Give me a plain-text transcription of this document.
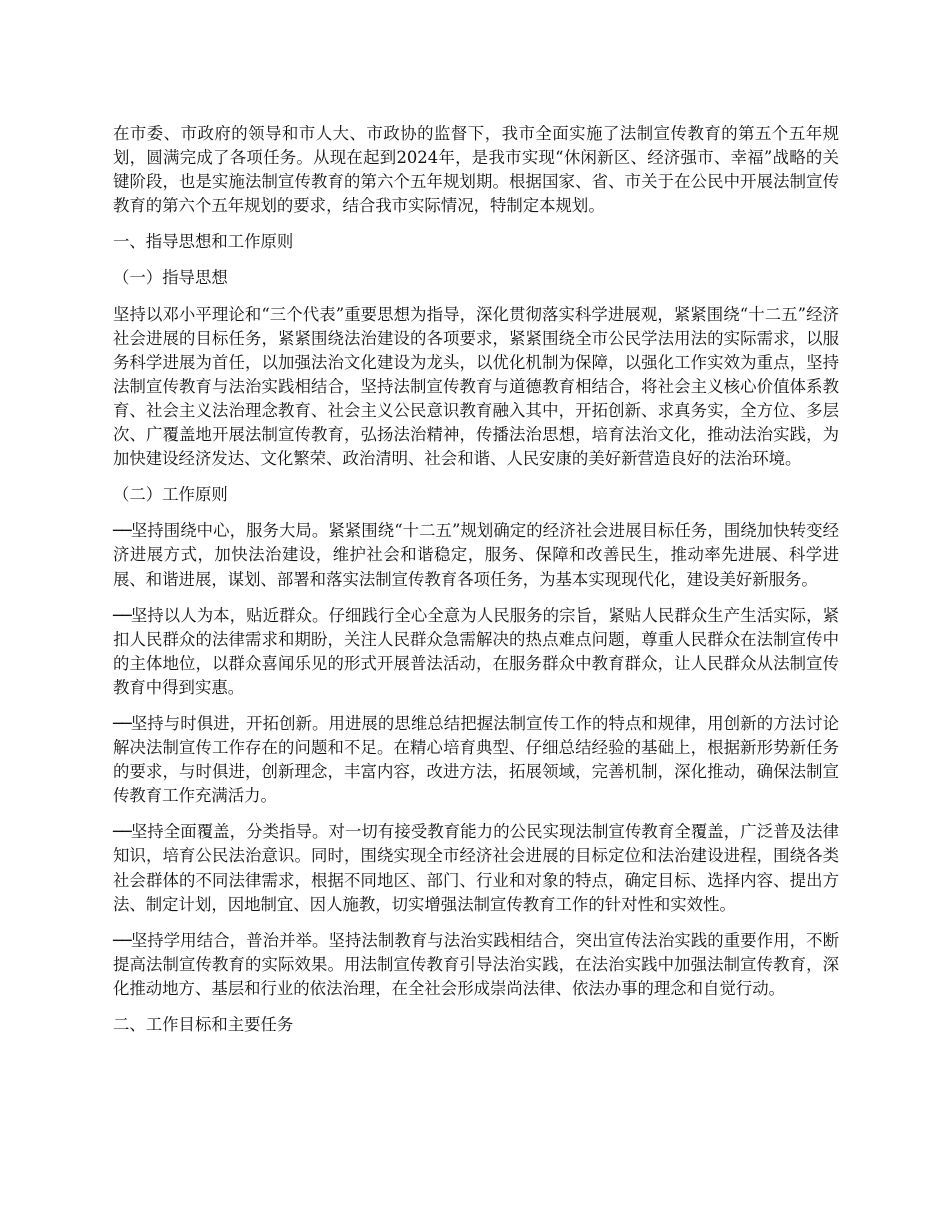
在市委、市政府的领导和市人大、市政协的监督下，我市全面实施了法制宣传教育的第五个五年规划，圆满完成了各项任务。从现在起到2024年，是我市实现“休闲新区、经济强市、幸福”战略的关键阶段，也是实施法制宣传教育的第六个五年规划期。根据国家、省、市关于在公民中开展法制宣传教育的第六个五年规划的要求，结合我市实际情况，特制定本规划。

一、指导思想和工作原则

（一）指导思想

坚持以邓小平理论和“三个代表”重要思想为指导，深化贯彻落实科学进展观，紧紧围绕“十二五”经济社会进展的目标任务，紧紧围绕法治建设的各项要求，紧紧围绕全市公民学法用法的实际需求，以服务科学进展为首任，以加强法治文化建设为龙头，以优化机制为保障，以强化工作实效为重点，坚持法制宣传教育与法治实践相结合，坚持法制宣传教育与道德教育相结合，将社会主义核心价值体系教育、社会主义法治理念教育、社会主义公民意识教育融入其中，开拓创新、求真务实，全方位、多层次、广覆盖地开展法制宣传教育，弘扬法治精神，传播法治思想，培育法治文化，推动法治实践，为加快建设经济发达、文化繁荣、政治清明、社会和谐、人民安康的美好新营造良好的法治环境。

（二）工作原则

──坚持围绕中心，服务大局。紧紧围绕“十二五”规划确定的经济社会进展目标任务，围绕加快转变经济进展方式，加快法治建设，维护社会和谐稳定，服务、保障和改善民生，推动率先进展、科学进展、和谐进展，谋划、部署和落实法制宣传教育各项任务，为基本实现现代化，建设美好新服务。

──坚持以人为本，贴近群众。仔细践行全心全意为人民服务的宗旨，紧贴人民群众生产生活实际，紧扣人民群众的法律需求和期盼，关注人民群众急需解决的热点难点问题，尊重人民群众在法制宣传中的主体地位，以群众喜闻乐见的形式开展普法活动，在服务群众中教育群众，让人民群众从法制宣传教育中得到实惠。

──坚持与时俱进，开拓创新。用进展的思维总结把握法制宣传工作的特点和规律，用创新的方法讨论解决法制宣传工作存在的问题和不足。在精心培育典型、仔细总结经验的基础上，根据新形势新任务的要求，与时俱进，创新理念，丰富内容，改进方法，拓展领域，完善机制，深化推动，确保法制宣传教育工作充满活力。

──坚持全面覆盖，分类指导。对一切有接受教育能力的公民实现法制宣传教育全覆盖，广泛普及法律知识，培育公民法治意识。同时，围绕实现全市经济社会进展的目标定位和法治建设进程，围绕各类社会群体的不同法律需求，根据不同地区、部门、行业和对象的特点，确定目标、选择内容、提出方法、制定计划，因地制宜、因人施教，切实增强法制宣传教育工作的针对性和实效性。

──坚持学用结合，普治并举。坚持法制教育与法治实践相结合，突出宣传法治实践的重要作用，不断提高法制宣传教育的实际效果。用法制宣传教育引导法治实践，在法治实践中加强法制宣传教育，深化推动地方、基层和行业的依法治理，在全社会形成崇尚法律、依法办事的理念和自觉行动。

二、工作目标和主要任务
